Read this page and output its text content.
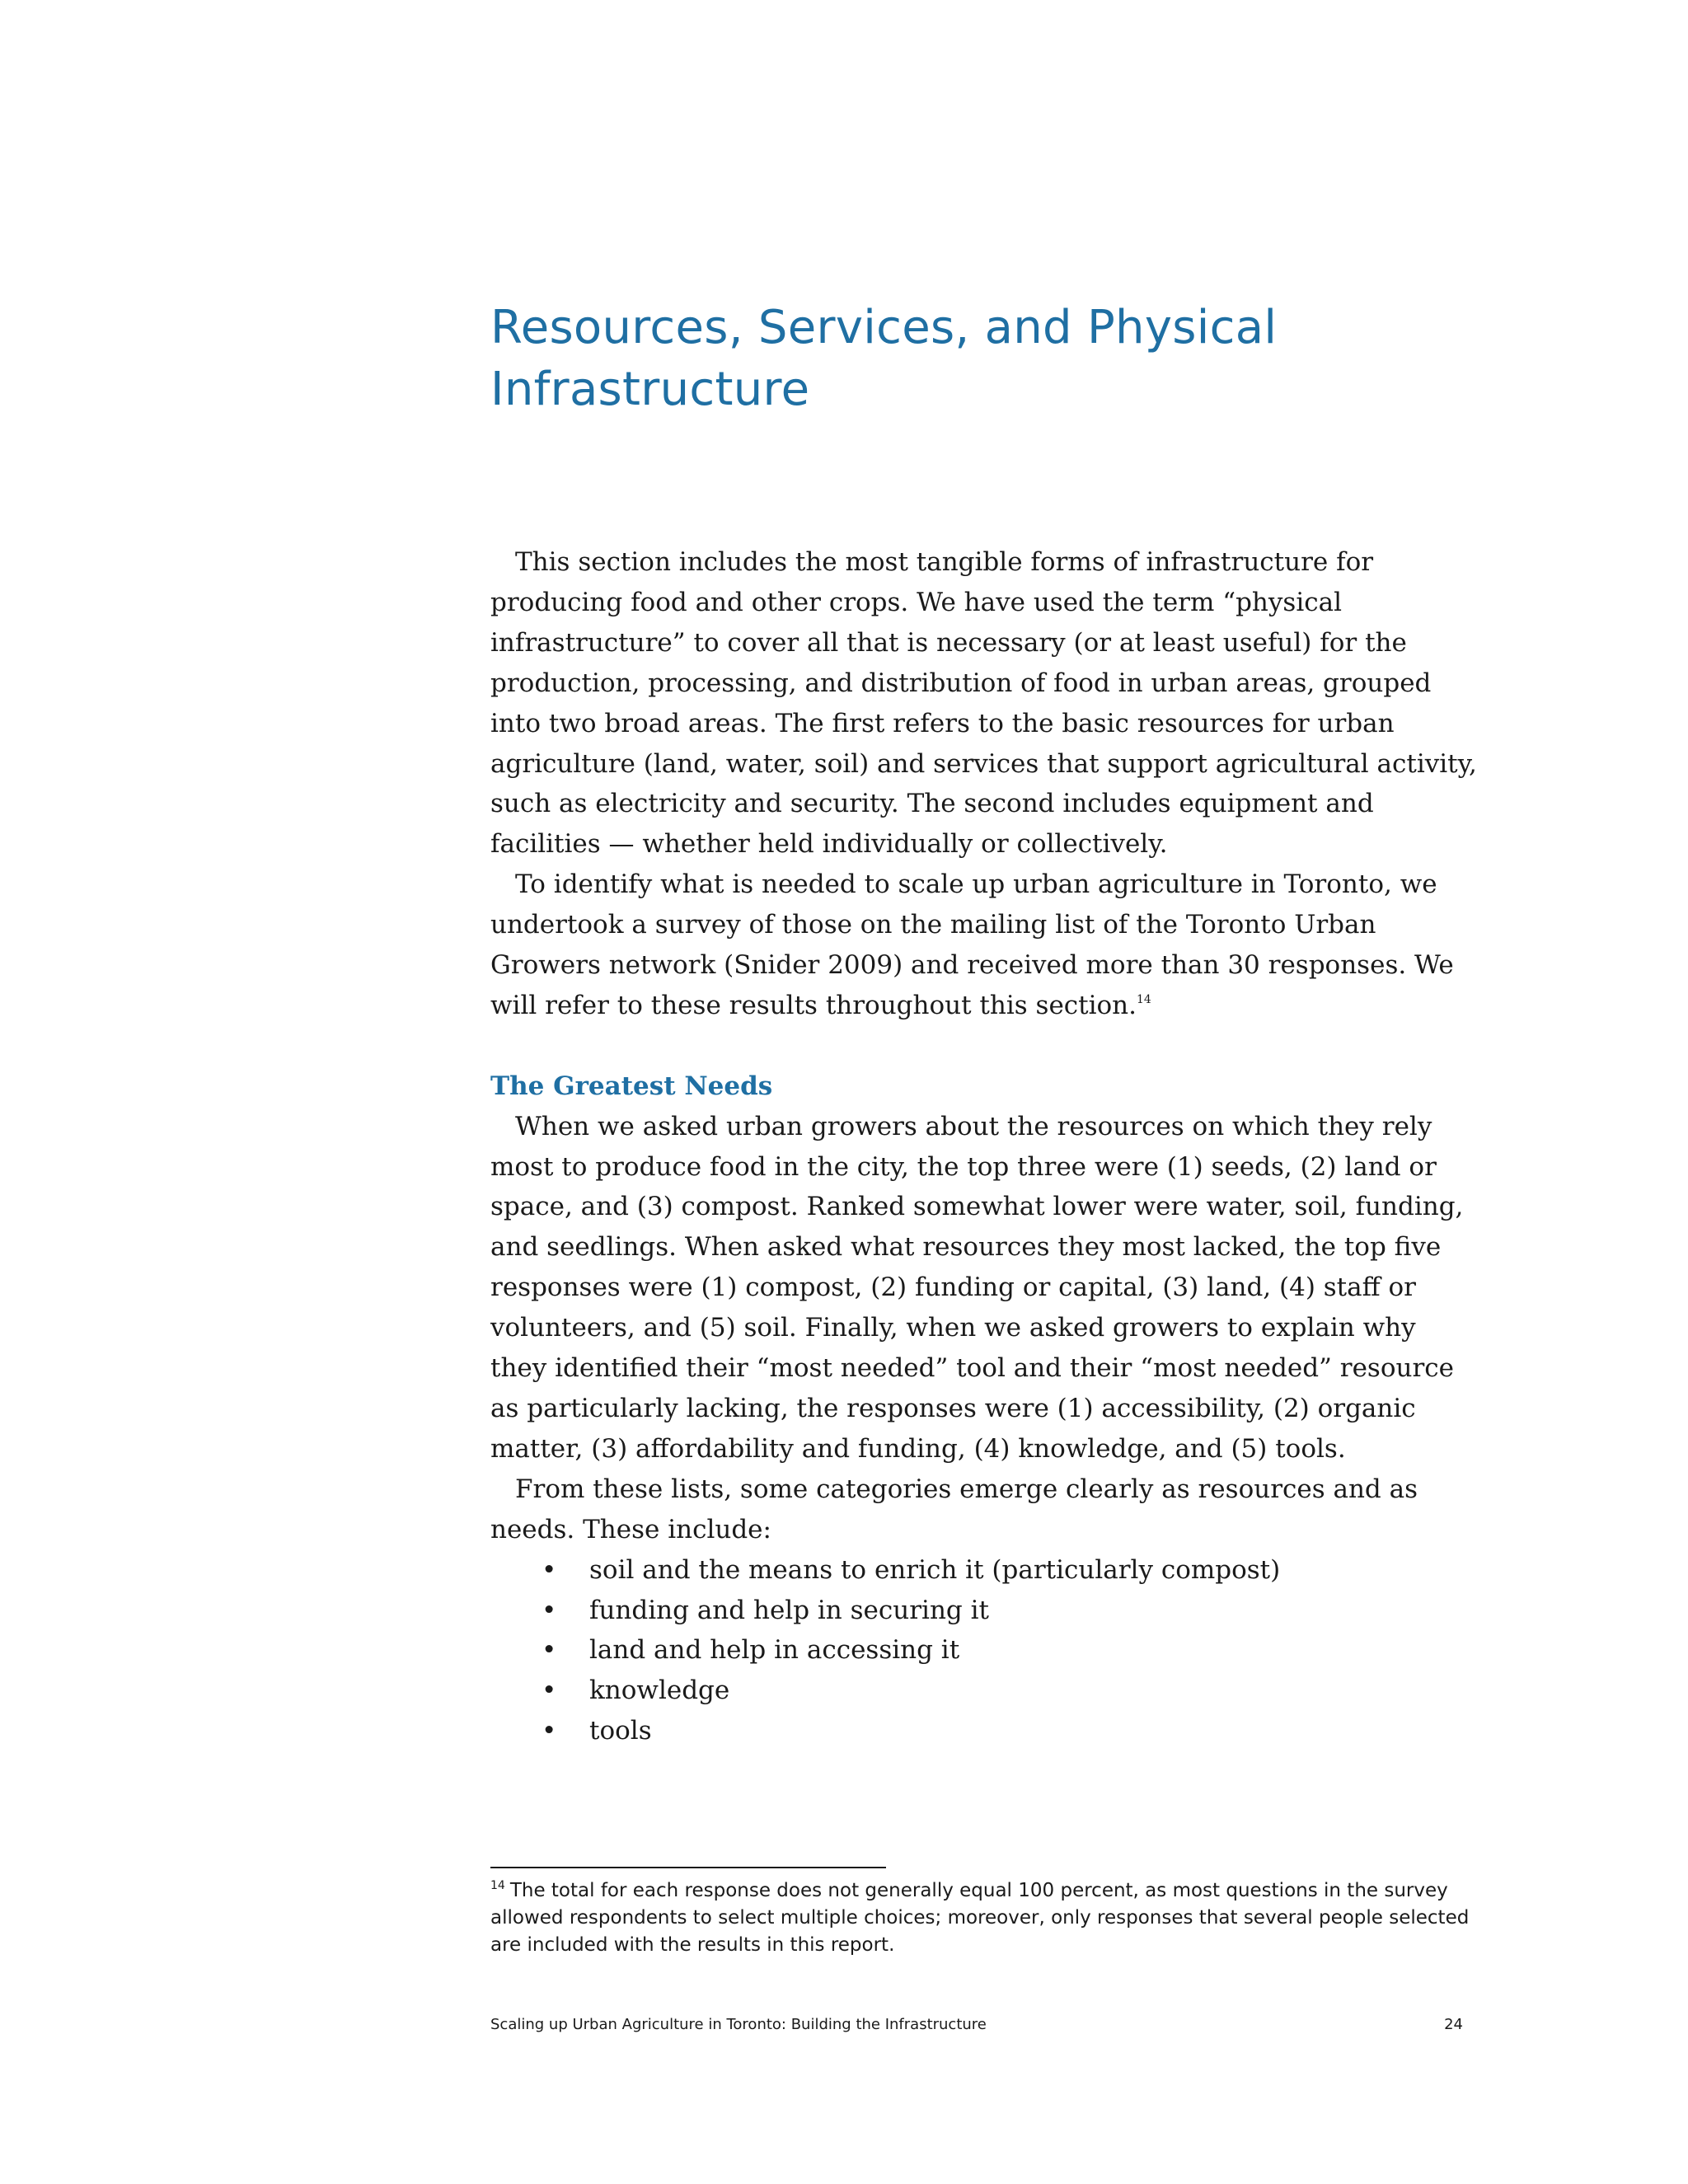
Resources, Services, and Physical
Infrastructure

This section includes the most tangible forms of infrastructure for producing food and other crops. We have used the term “physical infrastructure” to cover all that is necessary (or at least useful) for the production, processing, and distribution of food in urban areas, grouped into two broad areas. The first refers to the basic resources for urban agriculture (land, water, soil) and services that support agricultural activity, such as electricity and security. The second includes equipment and facilities — whether held individually or collectively.

To identify what is needed to scale up urban agriculture in Toronto, we undertook a survey of those on the mailing list of the Toronto Urban Growers network (Snider 2009) and received more than 30 responses. We will refer to these results throughout this section.$^{14}$

The Greatest Needs

When we asked urban growers about the resources on which they rely most to produce food in the city, the top three were (1) seeds, (2) land or space, and (3) compost. Ranked somewhat lower were water, soil, funding, and seedlings. When asked what resources they most lacked, the top five responses were (1) compost, (2) funding or capital, (3) land, (4) staff or volunteers, and (5) soil. Finally, when we asked growers to explain why they identified their “most needed” tool and their “most needed” resource as particularly lacking, the responses were (1) accessibility, (2) organic matter, (3) affordability and funding, (4) knowledge, and (5) tools.

From these lists, some categories emerge clearly as resources and as needs. These include:

• soil and the means to enrich it (particularly compost)
• funding and help in securing it
• land and help in accessing it
• knowledge
• tools

$^{14}$ The total for each response does not generally equal 100 percent, as most questions in the survey allowed respondents to select multiple choices; moreover, only responses that several people selected are included with the results in this report.

Scaling up Urban Agriculture in Toronto: Building the Infrastructure	24
